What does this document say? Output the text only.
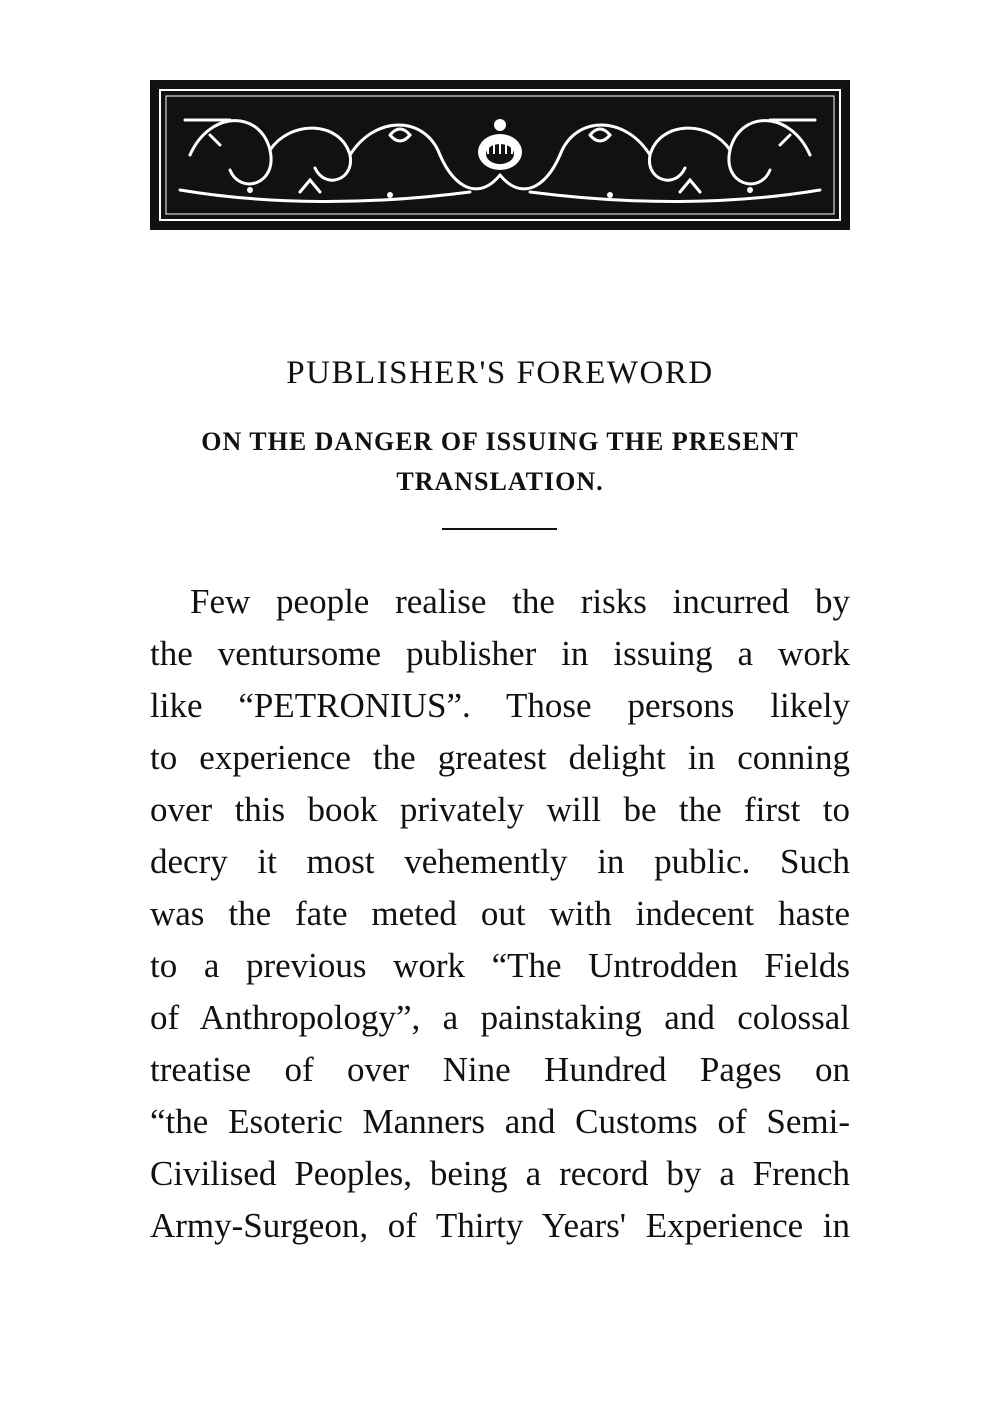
PUBLISHER'S FOREWORD
ON THE DANGER OF ISSUING THE PRESENT
TRANSLATION.
Few people realise the risks incurred by
the ventursome publisher in issuing a work
like “PETRONIUS”. Those persons likely
to experience the greatest delight in conning
over this book privately will be the first to
decry it most vehemently in public. Such
was the fate meted out with indecent haste
to a previous work “The Untrodden Fields
of Anthropology”, a painstaking and colossal
treatise of over Nine Hundred Pages on
“the Esoteric Manners and Customs of Semi-
Civilised Peoples, being a record by a French
Army-Surgeon, of Thirty Years' Experience in
